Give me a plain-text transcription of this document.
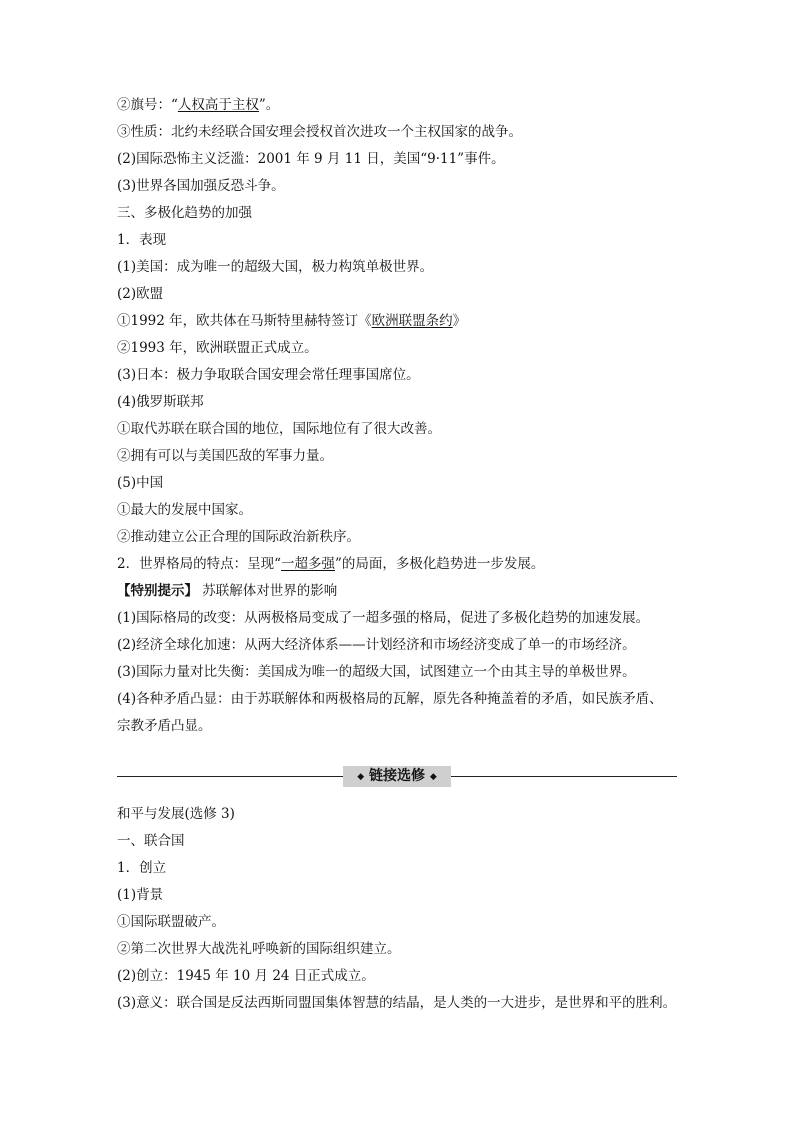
②旗号：“人权高于主权”。
③性质：北约未经联合国安理会授权首次进攻一个主权国家的战争。
(2)国际恐怖主义泛滥：2001 年 9 月 11 日，美国“9·11”事件。
(3)世界各国加强反恐斗争。
三、多极化趋势的加强
1．表现
(1)美国：成为唯一的超级大国，极力构筑单极世界。
(2)欧盟
①1992 年，欧共体在马斯特里赫特签订《欧洲联盟条约》
②1993 年，欧洲联盟正式成立。
(3)日本：极力争取联合国安理会常任理事国席位。
(4)俄罗斯联邦
①取代苏联在联合国的地位，国际地位有了很大改善。
②拥有可以与美国匹敌的军事力量。
(5)中国
①最大的发展中国家。
②推动建立公正合理的国际政治新秩序。
2．世界格局的特点：呈现“一超多强”的局面，多极化趋势进一步发展。
【特别提示】 苏联解体对世界的影响
(1)国际格局的改变：从两极格局变成了一超多强的格局，促进了多极化趋势的加速发展。
(2)经济全球化加速：从两大经济体系——计划经济和市场经济变成了单一的市场经济。
(3)国际力量对比失衡：美国成为唯一的超级大国，试图建立一个由其主导的单极世界。
(4)各种矛盾凸显：由于苏联解体和两极格局的瓦解，原先各种掩盖着的矛盾，如民族矛盾、
宗教矛盾凸显。
◆ 链接选修 ◆
和平与发展(选修 3)
一、联合国
1．创立
(1)背景
①国际联盟破产。
②第二次世界大战洗礼呼唤新的国际组织建立。
(2)创立：1945 年 10 月 24 日正式成立。
(3)意义：联合国是反法西斯同盟国集体智慧的结晶，是人类的一大进步，是世界和平的胜利。
